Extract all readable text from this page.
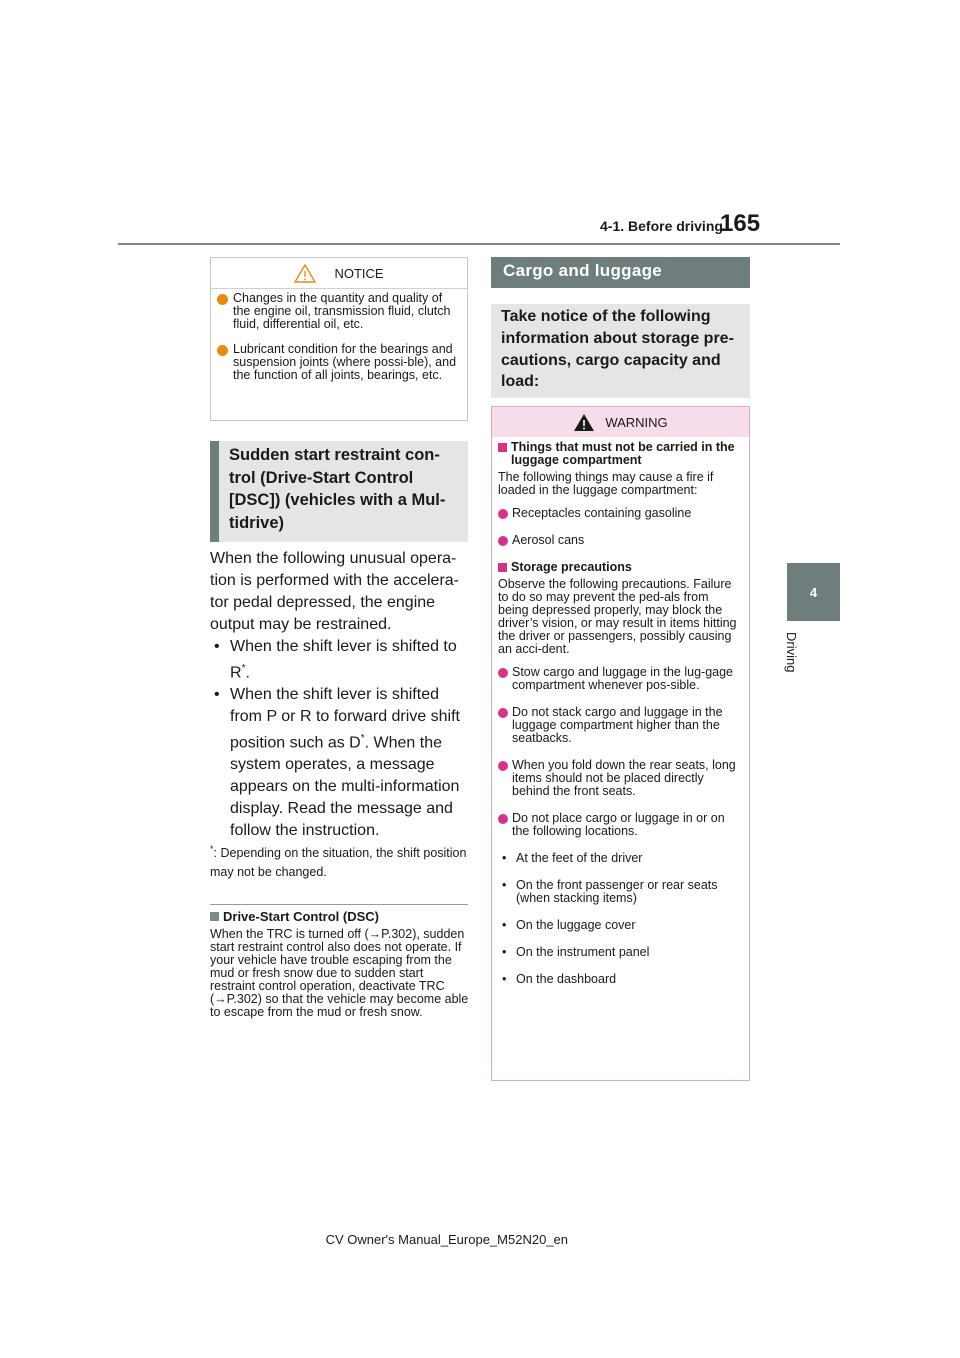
4-1. Before driving
165
4
Driving
NOTICE
Changes in the quantity and quality of the engine oil, transmission fluid, clutch fluid, differential oil, etc.
Lubricant condition for the bearings and suspension joints (where possi-ble), and the function of all joints, bearings, etc.
Sudden start restraint con-trol (Drive-Start Control [DSC]) (vehicles with a Mul-tidrive)
When the following unusual opera-tion is performed with the accelera-tor pedal depressed, the engine output may be restrained.
• When the shift lever is shifted to R*.
• When the shift lever is shifted from P or R to forward drive shift position such as D*. When the system operates, a message appears on the multi-information display. Read the message and follow the instruction.
*: Depending on the situation, the shift position may not be changed.
Drive-Start Control (DSC)
When the TRC is turned off (→P.302), sudden start restraint control also does not operate. If your vehicle have trouble escaping from the mud or fresh snow due to sudden start restraint control operation, deactivate TRC (→P.302) so that the vehicle may become able to escape from the mud or fresh snow.
Cargo and luggage
Take notice of the following information about storage pre-cautions, cargo capacity and load:
WARNING
Things that must not be carried in the luggage compartment
The following things may cause a fire if loaded in the luggage compartment:
Receptacles containing gasoline
Aerosol cans
Storage precautions
Observe the following precautions. Failure to do so may prevent the ped-als from being depressed properly, may block the driver’s vision, or may result in items hitting the driver or passengers, possibly causing an acci-dent.
Stow cargo and luggage in the lug-gage compartment whenever pos-sible.
Do not stack cargo and luggage in the luggage compartment higher than the seatbacks.
When you fold down the rear seats, long items should not be placed directly behind the front seats.
Do not place cargo or luggage in or on the following locations.
• At the feet of the driver
• On the front passenger or rear seats (when stacking items)
• On the luggage cover
• On the instrument panel
• On the dashboard
CV Owner's Manual_Europe_M52N20_en
